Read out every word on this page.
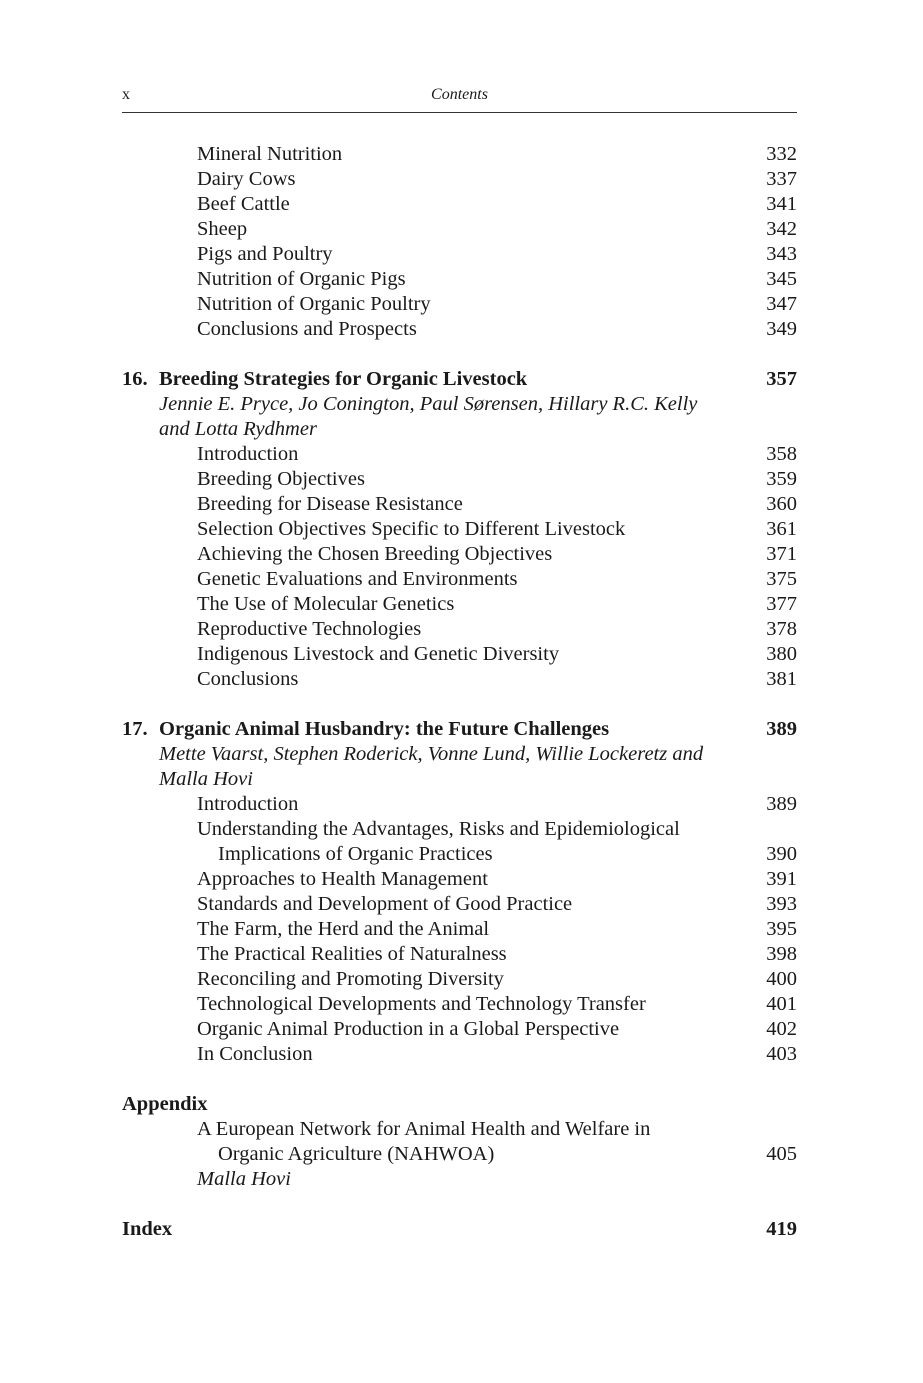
x	Contents
Mineral Nutrition	332
Dairy Cows	337
Beef Cattle	341
Sheep	342
Pigs and Poultry	343
Nutrition of Organic Pigs	345
Nutrition of Organic Poultry	347
Conclusions and Prospects	349
16. Breeding Strategies for Organic Livestock	357
Jennie E. Pryce, Jo Conington, Paul Sørensen, Hillary R.C. Kelly
and Lotta Rydhmer
Introduction	358
Breeding Objectives	359
Breeding for Disease Resistance	360
Selection Objectives Specific to Different Livestock	361
Achieving the Chosen Breeding Objectives	371
Genetic Evaluations and Environments	375
The Use of Molecular Genetics	377
Reproductive Technologies	378
Indigenous Livestock and Genetic Diversity	380
Conclusions	381
17. Organic Animal Husbandry: the Future Challenges	389
Mette Vaarst, Stephen Roderick, Vonne Lund, Willie Lockeretz and
Malla Hovi
Introduction	389
Understanding the Advantages, Risks and Epidemiological
Implications of Organic Practices	390
Approaches to Health Management	391
Standards and Development of Good Practice	393
The Farm, the Herd and the Animal	395
The Practical Realities of Naturalness	398
Reconciling and Promoting Diversity	400
Technological Developments and Technology Transfer	401
Organic Animal Production in a Global Perspective	402
In Conclusion	403
Appendix
A European Network for Animal Health and Welfare in
Organic Agriculture (NAHWOA)	405
Malla Hovi
Index	419
